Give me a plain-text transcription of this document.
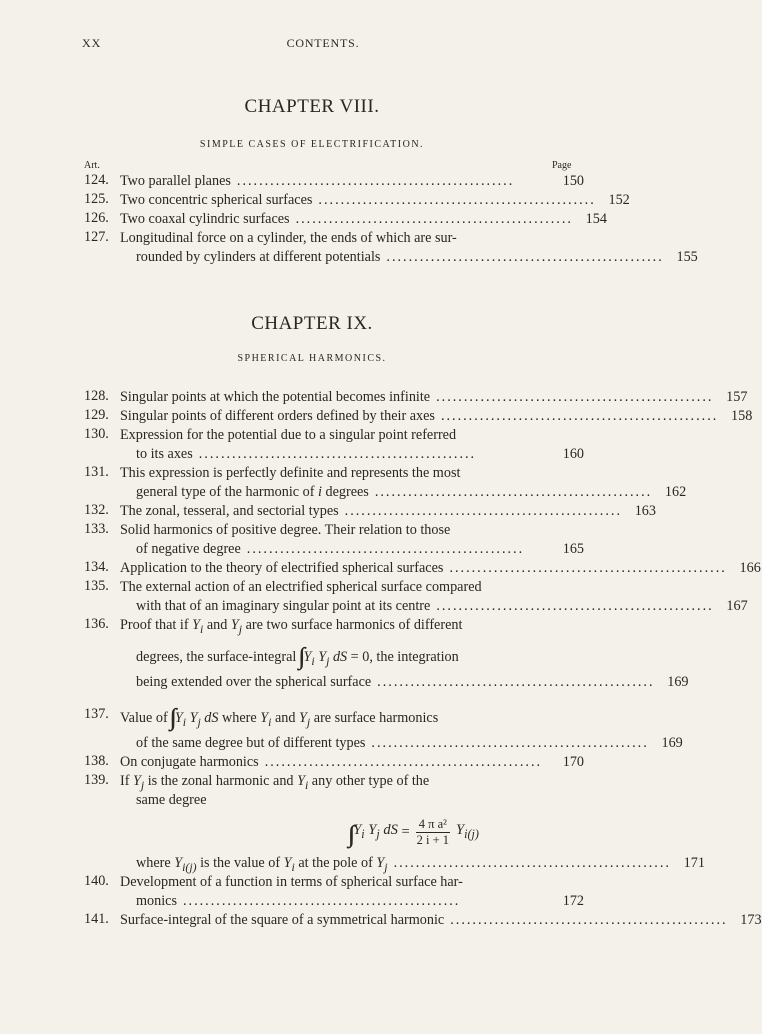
XX	CONTENTS.
CHAPTER VIII.
SIMPLE CASES OF ELECTRIFICATION.
Art.	Page
124. Two parallel planes ..................................................	150
125. Two concentric spherical surfaces .................................................. 152
126. Two coaxal cylindric surfaces .................................................. 154
127. Longitudinal force on a cylinder, the ends of which are sur-
rounded by cylinders at different potentials .................................................. 155
CHAPTER IX.
SPHERICAL HARMONICS.
128. Singular points at which the potential becomes infinite .................................................. 157
129. Singular points of different orders defined by their axes .................................................. 158
130. Expression for the potential due to a singular point referred
to its axes ..................................................	160
131. This expression is perfectly definite and represents the most
general type of the harmonic of i degrees .................................................. 162
132. The zonal, tesseral, and sectorial types .................................................. 163
133. Solid harmonics of positive degree. Their relation to those
of negative degree ..................................................	165
134. Application to the theory of electrified spherical surfaces .................................................. 166
135. The external action of an electrified spherical surface compared
with that of an imaginary singular point at its centre .................................................. 167
136. Proof that if $Y_i$ and $Y_j$ are two surface harmonics of different
degrees, the surface-integral∫∫ $Y_i$ $Y_j$ dS = 0, the integration
being extended over the spherical surface .................................................. 169
137. Value of∫∫ $Y_i$ $Y_j$ dS where $Y_i$ and $Y_j$ are surface harmonics
of the same degree but of different types .................................................. 169
138. On conjugate harmonics ..................................................	170
139. If $Y_j$ is the zonal harmonic and $Y_i$ any other type of the
same degree
∫∫ $Y_i$ $Y_j$ dS = $\frac{\text{4 π a²}}{2 i + 1} Y_{i(j)}$
where $Y_{i(j)}$ is the value of $Y_i$ at the pole of $Y_j$ .................................................. 171
140. Development of a function in terms of spherical surface har-
monics ..................................................	172
141. Surface-integral of the square of a symmetrical harmonic .................................................. 173
